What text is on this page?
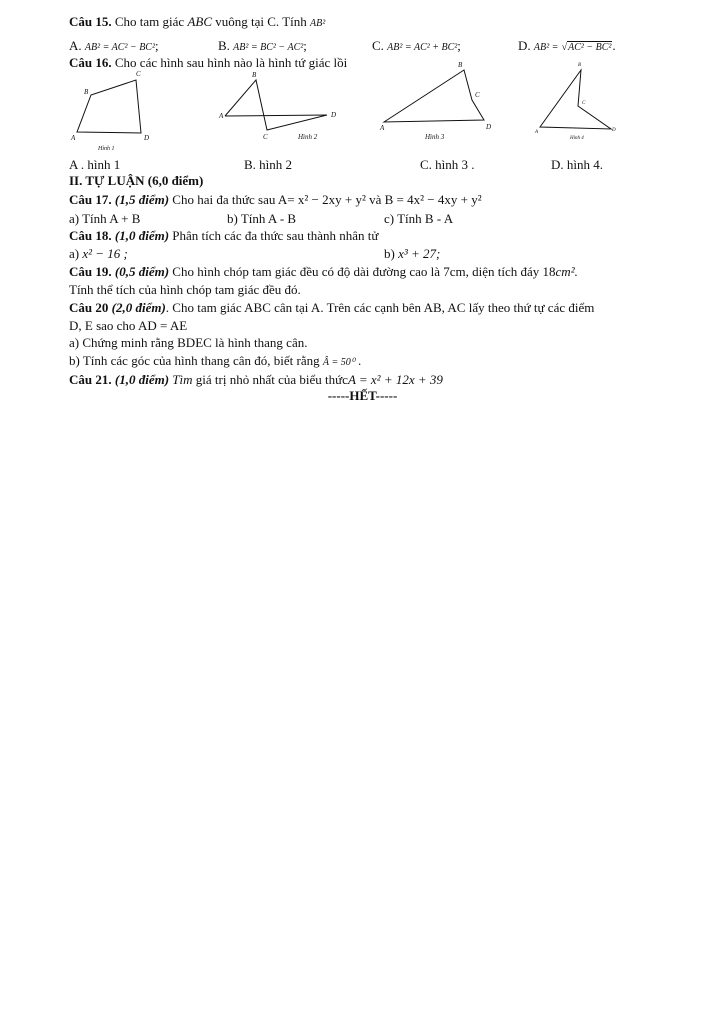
Câu 15. Cho tam giác ABC vuông tại C. Tính AB²
A. AB² = AC² − BC²;	B. AB² = BC² − AC²;	C. AB² = AC² + BC²;	D. AB² = √AC² − BC².
Câu 16. Cho các hình sau hình nào là hình tứ giác lồi
A
B
C
D
Hình 1
A
B
C
D
Hình 2
A
B
C
D
Hình 3
A
B
C
D
Hình 4
A . hình 1	B. hình 2	C. hình 3 .	D. hình 4.
II. TỰ LUẬN (6,0 điểm)
Câu 17. (1,5 điểm) Cho hai đa thức sau A= x² − 2xy + y² và B = 4x² − 4xy + y²
a) Tính A + B	b) Tính A - B	c) Tính B - A
Câu 18. (1,0 điểm) Phân tích các đa thức sau thành nhân tử
a) x² − 16 ;	b) x³ + 27;
Câu 19. (0,5 điểm) Cho hình chóp tam giác đều có độ dài đường cao là 7cm, diện tích đáy 18cm².
Tính thể tích của hình chóp tam giác đều đó.
Câu 20 (2,0 điểm). Cho tam giác ABC cân tại A. Trên các cạnh bên AB, AC lấy theo thứ tự các điểm
D, E sao cho AD = AE
a) Chứng minh rằng BDEC là hình thang cân.
b) Tính các góc của hình thang cân đó, biết rằng Â = 50⁰ .
Câu 21. (1,0 điểm) Tìm giá trị nhỏ nhất của biểu thứcA = x² + 12x + 39
-----HẾT-----
